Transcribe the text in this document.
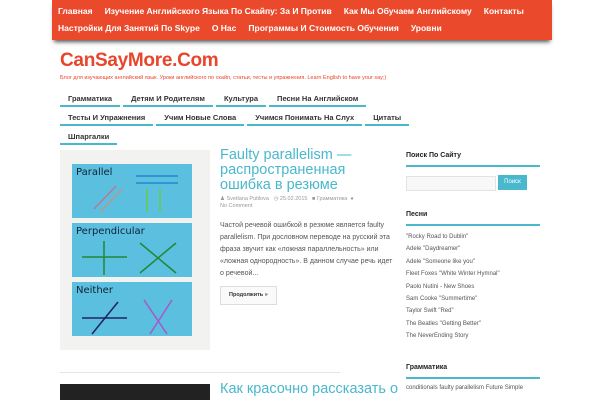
Главная Изучение Английского Языка По Скайпу: За И Против Как Мы Обучаем Английскому Контакты
Настройки Для Занятий По Skype О Нас Программы И Стоимость Обучения Уровни
CanSayMore.Com
Блог для изучающих английский язык. Уроки английского по скайп, статьи, тесты и упражнения. Learn English to have your say;)
Грамматика	Детям И Родителям	Культура	Песни На Английском
Тесты И Упражнения	Учим Новые Слова	Учимся Понимать На Слух	Цитаты
Шпаргалки
Parallel
Perpendicular
Neither
Faulty parallelism — распространенная ошибка в резюме
♟ Svetlana Putilova ◷ 25.02.2015 ■ Грамматика ●
No Comment
Частой речевой ошибкой в резюме является faulty parallelism. При дословном переводе на русский эта фраза звучит как «ложная параллельность» или «ложная однородность». В данном случае речь идет о речевой...
Продолжить »
Как красочно рассказать о
Поиск По Сайту
Поиск
Песни
"Rocky Road to Dublin"
Adele "Daydreamer"
Adele "Someone like you"
Fleet Foxes "White Winter Hymnal"
Paolo Nutini - New Shoes
Sam Cooke "Summertime"
Taylor Swift "Red"
The Beatles "Getting Better"
The NeverEnding Story
Грамматика
conditionals faulty parallelism Future Simple
